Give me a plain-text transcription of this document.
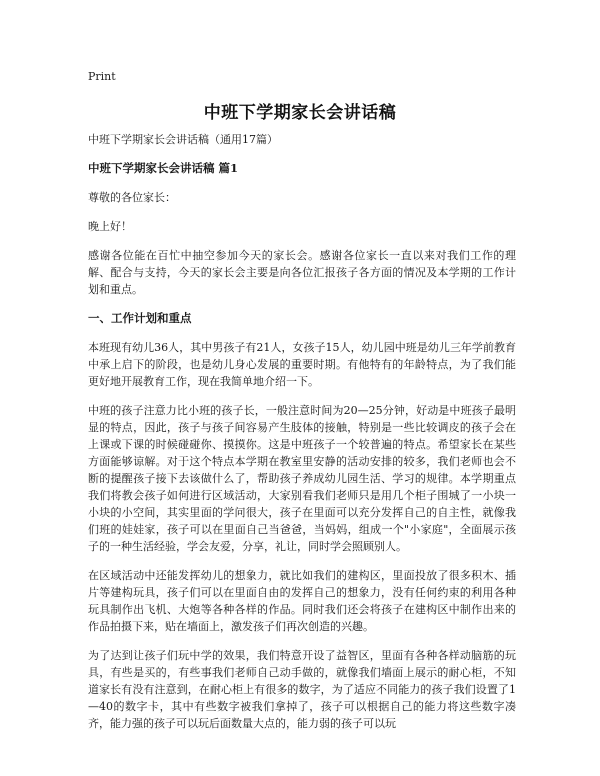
Print
中班下学期家长会讲话稿

中班下学期家长会讲话稿（通用17篇）

中班下学期家长会讲话稿 篇1

尊敬的各位家长：

晚上好！

感谢各位能在百忙中抽空参加今天的家长会。感谢各位家长一直以来对我们工作的理解、配合与支持，今天的家长会主要是向各位汇报孩子各方面的情况及本学期的工作计划和重点。

一、工作计划和重点

本班现有幼儿36人，其中男孩子有21人，女孩子15人，幼儿园中班是幼儿三年学前教育中承上启下的阶段，也是幼儿身心发展的重要时期。有他特有的年龄特点，为了我们能更好地开展教育工作，现在我简单地介绍一下。

中班的孩子注意力比小班的孩子长，一般注意时间为20—25分钟，好动是中班孩子最明显的特点，因此，孩子与孩子间容易产生肢体的接触，特别是一些比较调皮的孩子会在上课或下课的时候碰碰你、摸摸你。这是中班孩子一个较普遍的特点。希望家长在某些方面能够谅解。对于这个特点本学期在教室里安静的活动安排的较多，我们老师也会不断的提醒孩子接下去该做什么了，帮助孩子养成幼儿园生活、学习的规律。本学期重点我们将教会孩子如何进行区域活动，大家别看我们老师只是用几个柜子围城了一小块一小块的小空间，其实里面的学问很大，孩子在里面可以充分发挥自己的自主性，就像我们班的娃娃家，孩子可以在里面自己当爸爸，当妈妈，组成一个"小家庭"，全面展示孩子的一种生活经验，学会友爱，分享，礼让，同时学会照顾别人。

在区域活动中还能发挥幼儿的想象力，就比如我们的建构区，里面投放了很多积木、插片等建构玩具，孩子们可以在里面自由的发挥自己的想象力，没有任何约束的利用各种玩具制作出飞机、大炮等各种各样的作品。同时我们还会将孩子在建构区中制作出来的作品拍摄下来，贴在墙面上，激发孩子们再次创造的兴趣。

为了达到让孩子们玩中学的效果，我们特意开设了益智区，里面有各种各样动脑筋的玩具，有些是买的，有些事我们老师自己动手做的，就像我们墙面上展示的耐心柜，不知道家长有没有注意到，在耐心柜上有很多的数字，为了适应不同能力的孩子我们设置了1—40的数字卡，其中有些数字被我们拿掉了，孩子可以根据自己的能力将这些数字凑齐，能力强的孩子可以玩后面数量大点的，能力弱的孩子可以玩
